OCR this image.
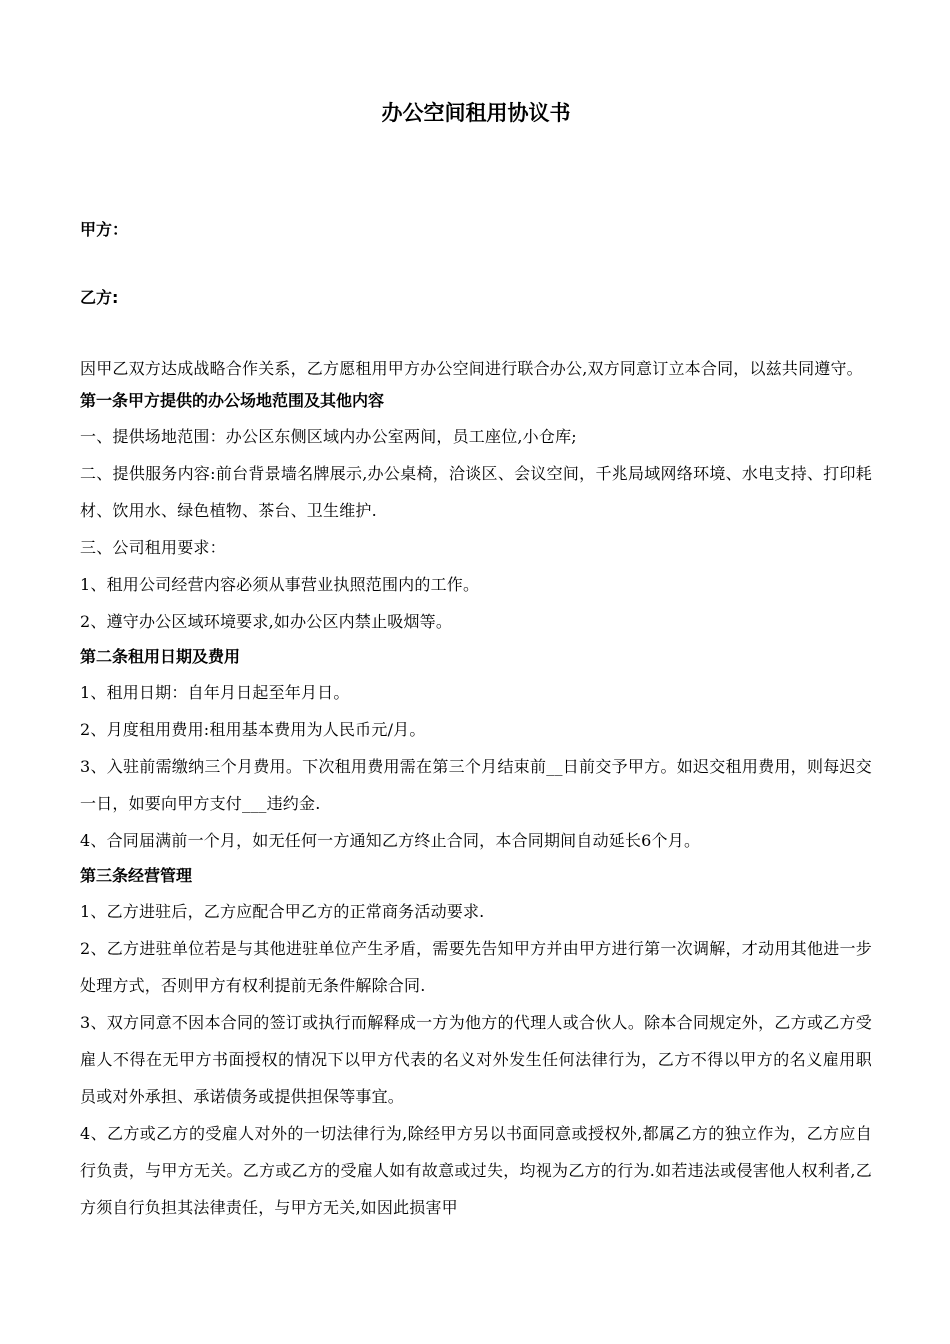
办公空间租用协议书
甲方：
乙方:

因甲乙双方达成战略合作关系，乙方愿租用甲方办公空间进行联合办公,双方同意订立本合同，以兹共同遵守。

第一条甲方提供的办公场地范围及其他内容

一、提供场地范围：办公区东侧区域内办公室两间，员工座位,小仓库;

二、提供服务内容:前台背景墙名牌展示,办公桌椅，洽谈区、会议空间，千兆局域网络环境、水电支持、打印耗材、饮用水、绿色植物、茶台、卫生维护.

三、公司租用要求：

1、租用公司经营内容必须从事营业执照范围内的工作。

2、遵守办公区域环境要求,如办公区内禁止吸烟等。

第二条租用日期及费用

1、租用日期：自年月日起至年月日。

2、月度租用费用:租用基本费用为人民币元/月。

3、入驻前需缴纳三个月费用。下次租用费用需在第三个月结束前__日前交予甲方。如迟交租用费用，则每迟交一日，如要向甲方支付___违约金.

4、合同届满前一个月，如无任何一方通知乙方终止合同，本合同期间自动延长6个月。

第三条经营管理

1、乙方进驻后，乙方应配合甲乙方的正常商务活动要求.

2、乙方进驻单位若是与其他进驻单位产生矛盾，需要先告知甲方并由甲方进行第一次调解，才动用其他进一步处理方式，否则甲方有权利提前无条件解除合同.

3、双方同意不因本合同的签订或执行而解释成一方为他方的代理人或合伙人。除本合同规定外，乙方或乙方受雇人不得在无甲方书面授权的情况下以甲方代表的名义对外发生任何法律行为，乙方不得以甲方的名义雇用职员或对外承担、承诺债务或提供担保等事宜。

4、乙方或乙方的受雇人对外的一切法律行为,除经甲方另以书面同意或授权外,都属乙方的独立作为，乙方应自行负责，与甲方无关。乙方或乙方的受雇人如有故意或过失，均视为乙方的行为.如若违法或侵害他人权利者,乙方须自行负担其法律责任，与甲方无关,如因此损害甲
